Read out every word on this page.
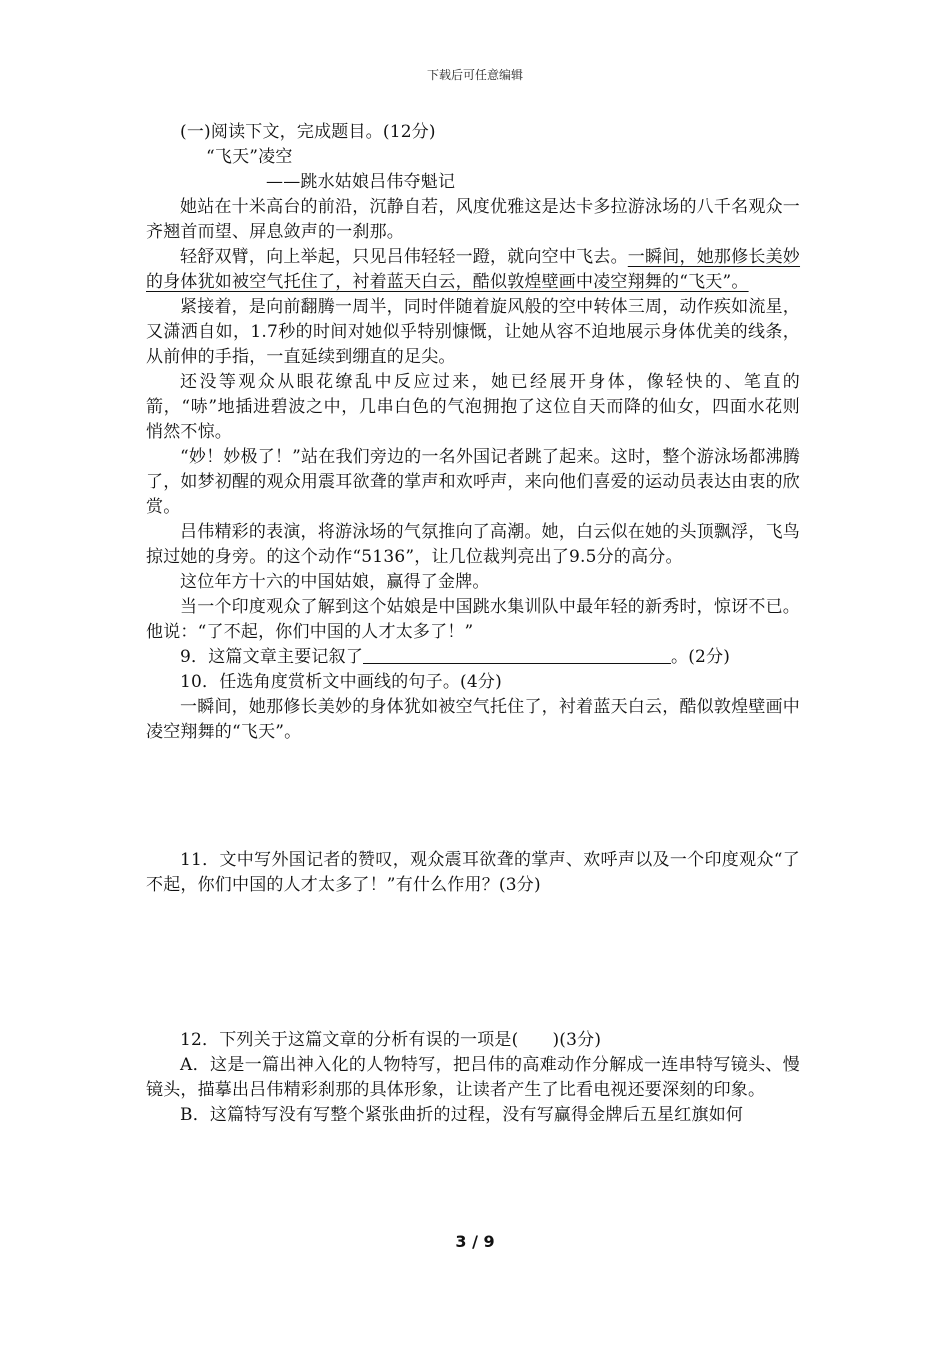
下载后可任意编辑

(一)阅读下文，完成题目。(12分)

“飞天”凌空

——跳水姑娘吕伟夺魁记

她站在十米高台的前沿，沉静自若，风度优雅这是达卡多拉游泳场的八千名观众一齐翘首而望、屏息敛声的一刹那。

轻舒双臂，向上举起，只见吕伟轻轻一蹬，就向空中飞去。一瞬间，她那修长美妙的身体犹如被空气托住了，衬着蓝天白云，酷似敦煌壁画中凌空翔舞的“飞天”。

紧接着，是向前翻腾一周半，同时伴随着旋风般的空中转体三周，动作疾如流星，又潇洒自如，1.7秒的时间对她似乎特别慷慨，让她从容不迫地展示身体优美的线条，从前伸的手指，一直延续到绷直的足尖。

还没等观众从眼花缭乱中反应过来，她已经展开身体，像轻快的、笔直的箭，“哧”地插进碧波之中，几串白色的气泡拥抱了这位自天而降的仙女，四面水花则悄然不惊。

“妙！妙极了！”站在我们旁边的一名外国记者跳了起来。这时，整个游泳场都沸腾了，如梦初醒的观众用震耳欲聋的掌声和欢呼声，来向他们喜爱的运动员表达由衷的欣赏。

吕伟精彩的表演，将游泳场的气氛推向了高潮。她，白云似在她的头顶飘浮，飞鸟掠过她的身旁。的这个动作“5136”，让几位裁判亮出了9.5分的高分。

这位年方十六的中国姑娘，赢得了金牌。

当一个印度观众了解到这个姑娘是中国跳水集训队中最年轻的新秀时，惊讶不已。他说：“了不起，你们中国的人才太多了！”

9．这篇文章主要记叙了	。(2分)

10．任选角度赏析文中画线的句子。(4分)

一瞬间，她那修长美妙的身体犹如被空气托住了，衬着蓝天白云，酷似敦煌壁画中凌空翔舞的“飞天”。

11．文中写外国记者的赞叹，观众震耳欲聋的掌声、欢呼声以及一个印度观众“了不起，你们中国的人才太多了！”有什么作用？(3分)

12．下列关于这篇文章的分析有误的一项是( )(3分)

A．这是一篇出神入化的人物特写，把吕伟的高难动作分解成一连串特写镜头、慢镜头，描摹出吕伟精彩刹那的具体形象，让读者产生了比看电视还要深刻的印象。

B．这篇特写没有写整个紧张曲折的过程，没有写赢得金牌后五星红旗如何

3 / 9
